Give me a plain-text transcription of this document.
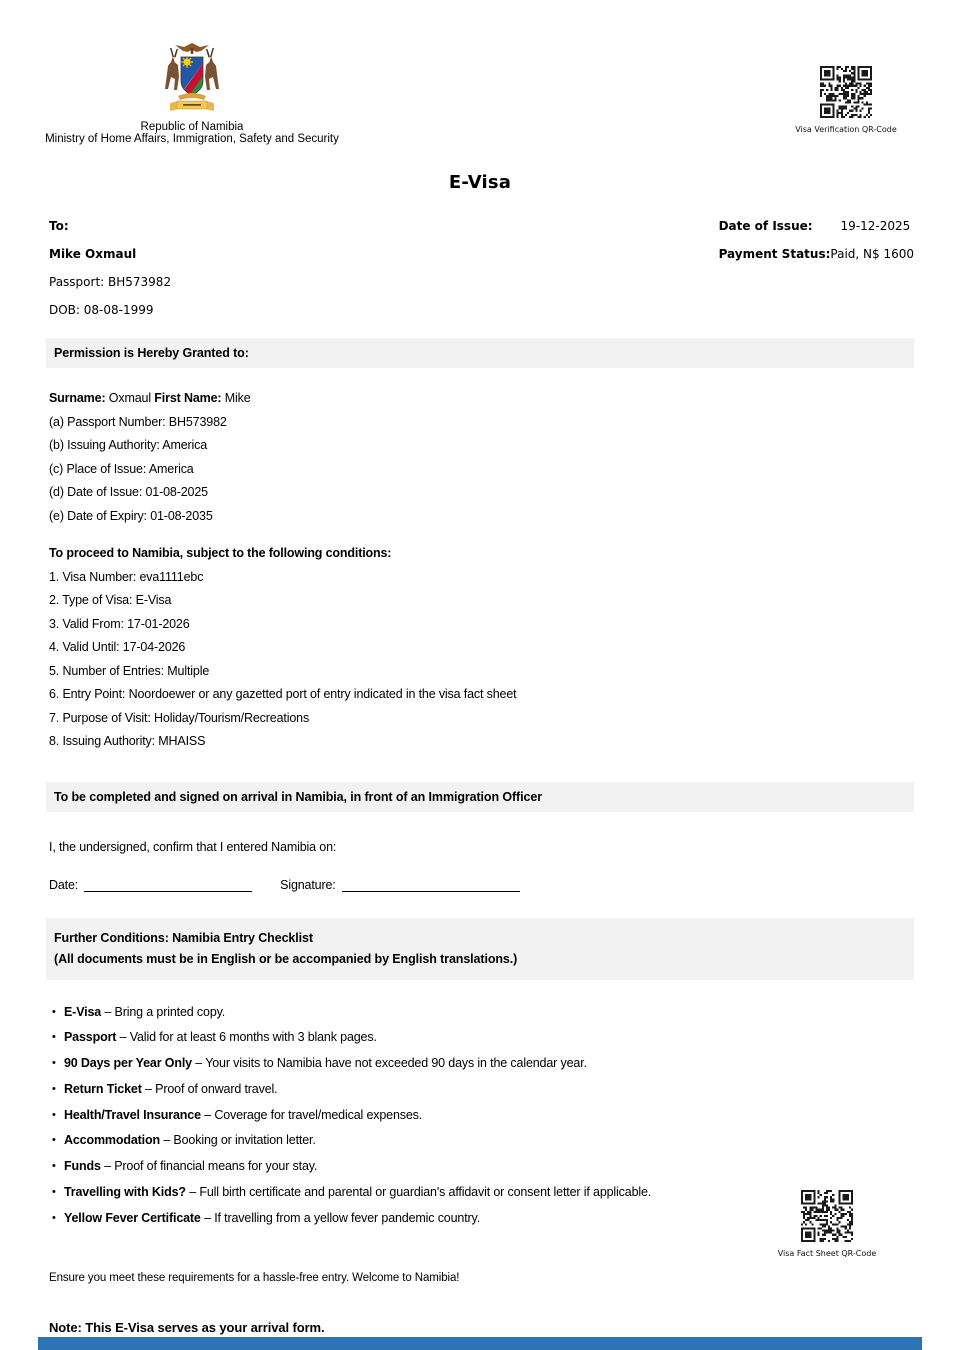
Republic of Namibia
Ministry of Home Affairs, Immigration, Safety and Security
Visa Verification QR-Code
E-Visa
To:
Mike Oxmaul
Passport: BH573982
DOB: 08-08-1999
Date of Issue: 19-12-2025
Payment Status:Paid, N$ 1600
Permission is Hereby Granted to:
Surname: Oxmaul First Name: Mike
(a) Passport Number: BH573982
(b) Issuing Authority: America
(c) Place of Issue: America
(d) Date of Issue: 01-08-2025
(e) Date of Expiry: 01-08-2035
To proceed to Namibia, subject to the following conditions:
1. Visa Number: eva1111ebc
2. Type of Visa: E-Visa
3. Valid From: 17-01-2026
4. Valid Until: 17-04-2026
5. Number of Entries: Multiple
6. Entry Point: Noordoewer or any gazetted port of entry indicated in the visa fact sheet
7. Purpose of Visit: Holiday/Tourism/Recreations
8. Issuing Authority: MHAISS
To be completed and signed on arrival in Namibia, in front of an Immigration Officer
I, the undersigned, confirm that I entered Namibia on:
Date:	Signature:
Further Conditions: Namibia Entry Checklist
(All documents must be in English or be accompanied by English translations.)
• E-Visa – Bring a printed copy.
• Passport – Valid for at least 6 months with 3 blank pages.
• 90 Days per Year Only – Your visits to Namibia have not exceeded 90 days in the calendar year.
• Return Ticket – Proof of onward travel.
• Health/Travel Insurance – Coverage for travel/medical expenses.
• Accommodation – Booking or invitation letter.
• Funds – Proof of financial means for your stay.
• Travelling with Kids? – Full birth certificate and parental or guardian's affidavit or consent letter if applicable.
• Yellow Fever Certificate – If travelling from a yellow fever pandemic country.
Ensure you meet these requirements for a hassle-free entry. Welcome to Namibia!
Note: This E-Visa serves as your arrival form.
Visa Fact Sheet QR-Code
